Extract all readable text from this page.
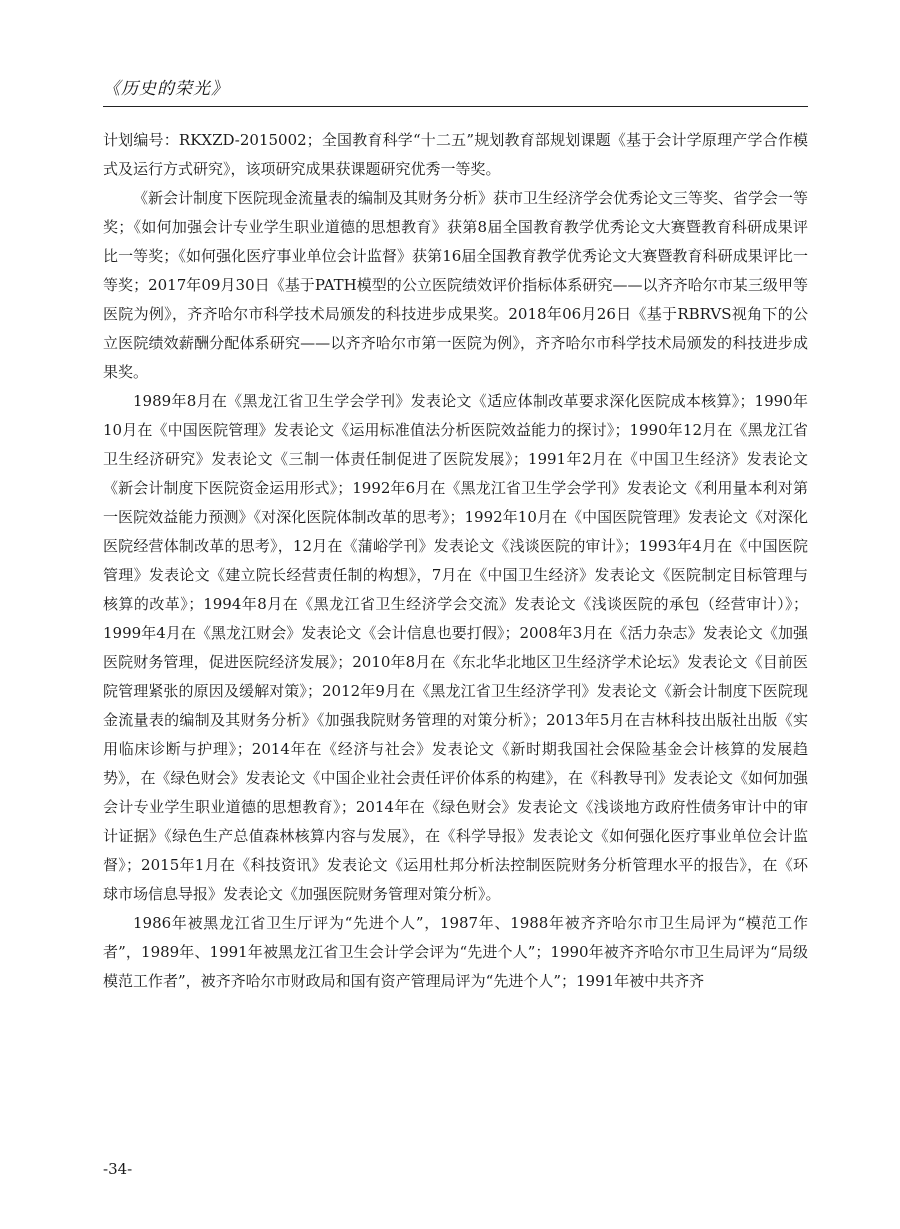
《历史的荣光》

计划编号：RKXZD-2015002；全国教育科学“十二五”规划教育部规划课题《基于会计学原理产学合作模式及运行方式研究》，该项研究成果获课题研究优秀一等奖。

《新会计制度下医院现金流量表的编制及其财务分析》获市卫生经济学会优秀论文三等奖、省学会一等奖；《如何加强会计专业学生职业道德的思想教育》获第8届全国教育教学优秀论文大赛暨教育科研成果评比一等奖；《如何强化医疗事业单位会计监督》获第16届全国教育教学优秀论文大赛暨教育科研成果评比一等奖；2017年09月30日《基于PATH模型的公立医院绩效评价指标体系研究——以齐齐哈尔市某三级甲等医院为例》，齐齐哈尔市科学技术局颁发的科技进步成果奖。2018年06月26日《基于RBRVS视角下的公立医院绩效薪酬分配体系研究——以齐齐哈尔市第一医院为例》，齐齐哈尔市科学技术局颁发的科技进步成果奖。

1989年8月在《黑龙江省卫生学会学刊》发表论文《适应体制改革要求深化医院成本核算》；1990年10月在《中国医院管理》发表论文《运用标准值法分析医院效益能力的探讨》；1990年12月在《黑龙江省卫生经济研究》发表论文《三制一体责任制促进了医院发展》；1991年2月在《中国卫生经济》发表论文《新会计制度下医院资金运用形式》；1992年6月在《黑龙江省卫生学会学刊》发表论文《利用量本利对第一医院效益能力预测》《对深化医院体制改革的思考》；1992年10月在《中国医院管理》发表论文《对深化医院经营体制改革的思考》，12月在《蒲峪学刊》发表论文《浅谈医院的审计》；1993年4月在《中国医院管理》发表论文《建立院长经营责任制的构想》，7月在《中国卫生经济》发表论文《医院制定目标管理与核算的改革》；1994年8月在《黑龙江省卫生经济学会交流》发表论文《浅谈医院的承包（经营审计）》；1999年4月在《黑龙江财会》发表论文《会计信息也要打假》；2008年3月在《活力杂志》发表论文《加强医院财务管理，促进医院经济发展》；2010年8月在《东北华北地区卫生经济学术论坛》发表论文《目前医院管理紧张的原因及缓解对策》；2012年9月在《黑龙江省卫生经济学刊》发表论文《新会计制度下医院现金流量表的编制及其财务分析》《加强我院财务管理的对策分析》；2013年5月在吉林科技出版社出版《实用临床诊断与护理》；2014年在《经济与社会》发表论文《新时期我国社会保险基金会计核算的发展趋势》，在《绿色财会》发表论文《中国企业社会责任评价体系的构建》，在《科教导刊》发表论文《如何加强会计专业学生职业道德的思想教育》；2014年在《绿色财会》发表论文《浅谈地方政府性债务审计中的审计证据》《绿色生产总值森林核算内容与发展》，在《科学导报》发表论文《如何强化医疗事业单位会计监督》；2015年1月在《科技资讯》发表论文《运用杜邦分析法控制医院财务分析管理水平的报告》，在《环球市场信息导报》发表论文《加强医院财务管理对策分析》。

1986年被黑龙江省卫生厅评为“先进个人”，1987年、1988年被齐齐哈尔市卫生局评为“模范工作者”，1989年、1991年被黑龙江省卫生会计学会评为“先进个人”；1990年被齐齐哈尔市卫生局评为“局级模范工作者”，被齐齐哈尔市财政局和国有资产管理局评为“先进个人”；1991年被中共齐齐

-34-
